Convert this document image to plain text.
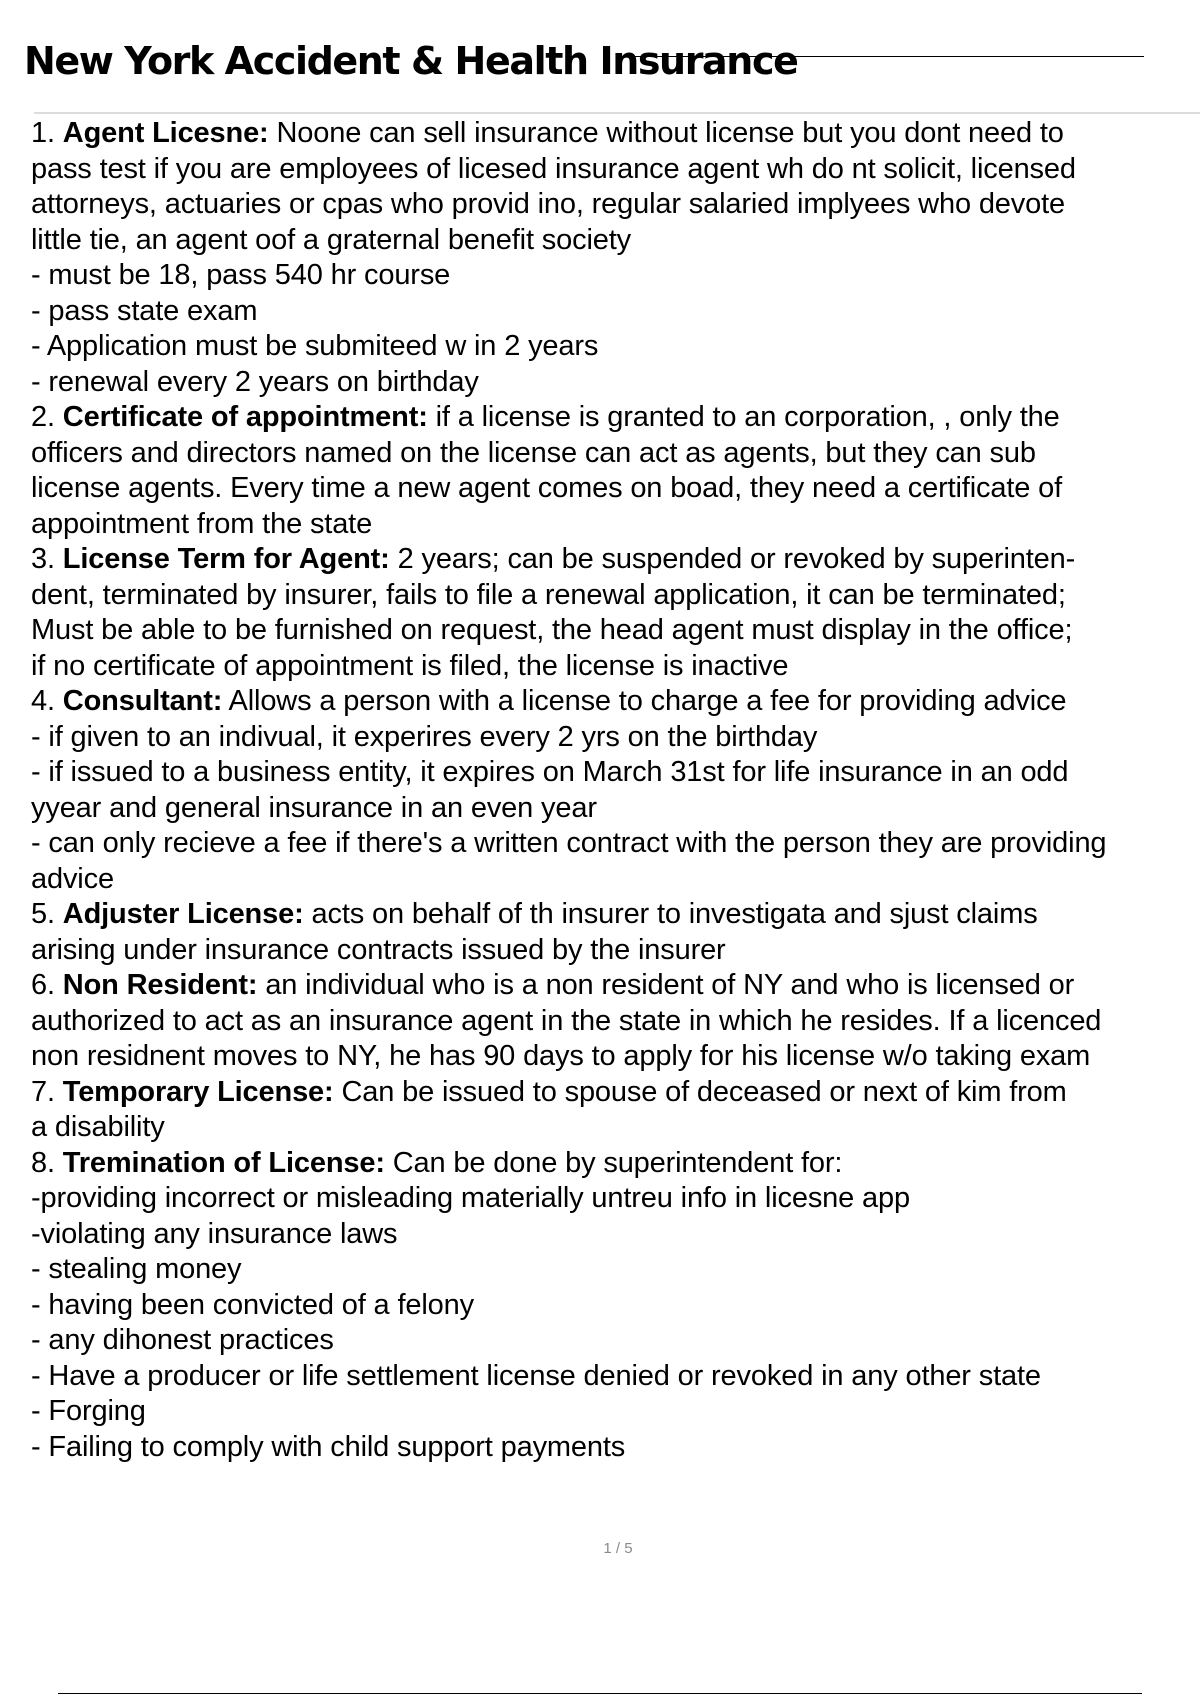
New York Accident & Health Insurance
1. Agent Licesne: Noone can sell insurance without license but you dont need to
pass test if you are employees of licesed insurance agent wh do nt solicit, licensed
attorneys, actuaries or cpas who provid ino, regular salaried implyees who devote
little tie, an agent oof a graternal benefit society
- must be 18, pass 540 hr course
- pass state exam
- Application must be submiteed w in 2 years
- renewal every 2 years on birthday
2. Certificate of appointment: if a license is granted to an corporation, , only the
officers and directors named on the license can act as agents, but they can sub
license agents. Every time a new agent comes on boad, they need a certificate of
appointment from the state
3. License Term for Agent: 2 years; can be suspended or revoked by superinten-
dent, terminated by insurer, fails to file a renewal application, it can be terminated;
Must be able to be furnished on request, the head agent must display in the office;
if no certificate of appointment is filed, the license is inactive
4. Consultant: Allows a person with a license to charge a fee for providing advice
- if given to an indivual, it experires every 2 yrs on the birthday
- if issued to a business entity, it expires on March 31st for life insurance in an odd
yyear and general insurance in an even year
- can only recieve a fee if there's a written contract with the person they are providing
advice
5. Adjuster License: acts on behalf of th insurer to investigata and sjust claims
arising under insurance contracts issued by the insurer
6. Non Resident: an individual who is a non resident of NY and who is licensed or
authorized to act as an insurance agent in the state in which he resides. If a licenced
non residnent moves to NY, he has 90 days to apply for his license w/o taking exam
7. Temporary License: Can be issued to spouse of deceased or next of kim from
a disability
8. Tremination of License: Can be done by superintendent for:
-providing incorrect or misleading materially untreu info in licesne app
-violating any insurance laws
- stealing money
- having been convicted of a felony
- any dihonest practices
- Have a producer or life settlement license denied or revoked in any other state
- Forging
- Failing to comply with child support payments
1 / 5
